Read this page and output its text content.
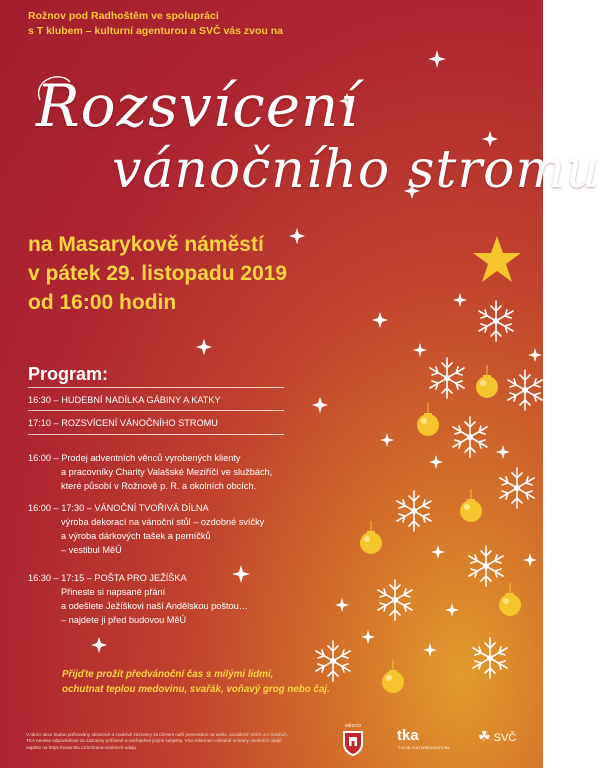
Rožnov pod Radhoštěm ve spolupráci
s T klubem – kulturní agenturou a SVČ vás zvou na
Rozsvícení
vánočního stromu
na Masarykově náměstí
v pátek 29. listopadu 2019
od 16:00 hodin
Program:
16:30 – HUDEBNÍ NADÍLKA GÁBINY A KATKY
17:10 – ROZSVÍCENÍ VÁNOČNÍHO STROMU
16:00 – Prodej adventních věnců vyrobených klienty
a pracovníky Charity Valašské Meziříčí ve službách,
které působí v Rožnově p. R. a okolních obcích.
16:00 – 17:30 – VÁNOČNÍ TVOŘIVÁ DÍLNA
výroba dekorací na vánoční stůl – ozdobné svíčky
a výroba dárkových tašek a perníčků
– vestibul MěÚ
16:30 – 17:15 – POŠTA PRO JEŽÍŠKA
Přineste si napsané přání
a odešlete Ježíškovi naší Andělskou poštou…
– najdete ji před budovou MěÚ
Přijďte prožít předvánoční čas s milými lidmi,
ochutnat teplou medovinu, svařák, voňavý grog nebo čaj.
V rámci akce budou pořizovány obrazové a zvukové záznamy za účelem naší prezentace na webu, sociálních sítích a v médiích.
TKA nenese odpovědnost za záznamy pořízené a zveřejněné jinými subjekty. Více informací ohledně ochrany osobních údajů
najdete na https://www.tka.cz/ochrana-osobnich-udaju
MĚSTO
tka
T KLUB, KULTURNÍ AGENTURA
☘ SVČ
